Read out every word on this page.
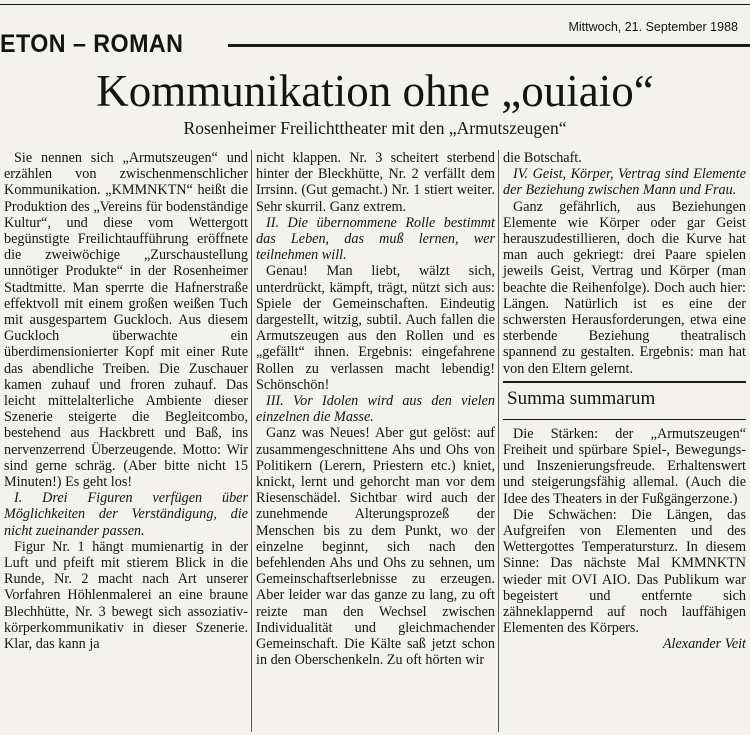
ETON – ROMAN
Mittwoch, 21. September 1988
Kommunikation ohne „ouiaio“
Rosenheimer Freilichttheater mit den „Armutszeugen“

Sie nennen sich „Armutszeugen“ und erzählen von zwischenmenschlicher Kommunikation. „KMMNKTN“ heißt die Produktion des „Vereins für bodenständige Kultur“, und diese vom Wettergott begünstigte Freilichtaufführung eröffnete die zweiwöchige „Zurschaustellung unnötiger Produkte“ in der Rosenheimer Stadtmitte. Man sperrte die Hafnerstraße effektvoll mit einem großen weißen Tuch mit ausgespartem Guckloch. Aus diesem Guckloch überwachte ein überdimensionierter Kopf mit einer Rute das abendliche Treiben. Die Zuschauer kamen zuhauf und froren zuhauf. Das leicht mittelalterliche Ambiente dieser Szenerie steigerte die Begleitcombo, bestehend aus Hackbrett und Baß, ins nervenzerrend Überzeugende. Motto: Wir sind gerne schräg. (Aber bitte nicht 15 Minuten!) Es geht los!

I. Drei Figuren verfügen über Möglichkeiten der Verständigung, die nicht zueinander passen.

Figur Nr. 1 hängt mumienartig in der Luft und pfeift mit stierem Blick in die Runde, Nr. 2 macht nach Art unserer Vorfahren Höhlenmalerei an eine braune Blechhütte, Nr. 3 bewegt sich assoziativ-körperkommunikativ in dieser Szenerie. Klar, das kann ja

nicht klappen. Nr. 3 scheitert sterbend hinter der Bleckhütte, Nr. 2 verfällt dem Irrsinn. (Gut gemacht.) Nr. 1 stiert weiter. Sehr skurril. Ganz extrem.

II. Die übernommene Rolle bestimmt das Leben, das muß lernen, wer teilnehmen will.

Genau! Man liebt, wälzt sich, unterdrückt, kämpft, trägt, nützt sich aus: Spiele der Gemeinschaften. Eindeutig dargestellt, witzig, subtil. Auch fallen die Armutszeugen aus den Rollen und es „gefällt“ ihnen. Ergebnis: eingefahrene Rollen zu verlassen macht lebendig! Schönschön!

III. Vor Idolen wird aus den vielen einzelnen die Masse.

Ganz was Neues! Aber gut gelöst: auf zusammengeschnittene Ahs und Ohs von Politikern (Lerern, Priestern etc.) kniet, knickt, lernt und gehorcht man vor dem Riesenschädel. Sichtbar wird auch der zunehmende Alterungsprozeß der Menschen bis zu dem Punkt, wo der einzelne beginnt, sich nach den befehlenden Ahs und Ohs zu sehnen, um Gemeinschaftserlebnisse zu erzeugen. Aber leider war das ganze zu lang, zu oft reizte man den Wechsel zwischen Individualität und gleichmachender Gemeinschaft. Die Kälte saß jetzt schon in den Oberschenkeln. Zu oft hörten wir

die Botschaft.

IV. Geist, Körper, Vertrag sind Elemente der Beziehung zwischen Mann und Frau.

Ganz gefährlich, aus Beziehungen Elemente wie Körper oder gar Geist herauszudestillieren, doch die Kurve hat man auch gekriegt: drei Paare spielen jeweils Geist, Vertrag und Körper (man beachte die Reihenfolge). Doch auch hier: Längen. Natürlich ist es eine der schwersten Herausforderungen, etwa eine sterbende Beziehung theatralisch spannend zu gestalten. Ergebnis: man hat von den Eltern gelernt.

Summa summarum

Die Stärken: der „Armutszeugen“ Freiheit und spürbare Spiel-, Bewegungs- und Inszenierungsfreude. Erhaltenswert und steigerungsfähig allemal. (Auch die Idee des Theaters in der Fußgängerzone.)

Die Schwächen: Die Längen, das Aufgreifen von Elementen und des Wettergottes Temperatursturz. In diesem Sinne: Das nächste Mal KMMNKTN wieder mit OVI AIO. Das Publikum war begeistert und entfernte sich zähneklappernd auf noch lauffähigen Elementen des Körpers.

Alexander Veit
